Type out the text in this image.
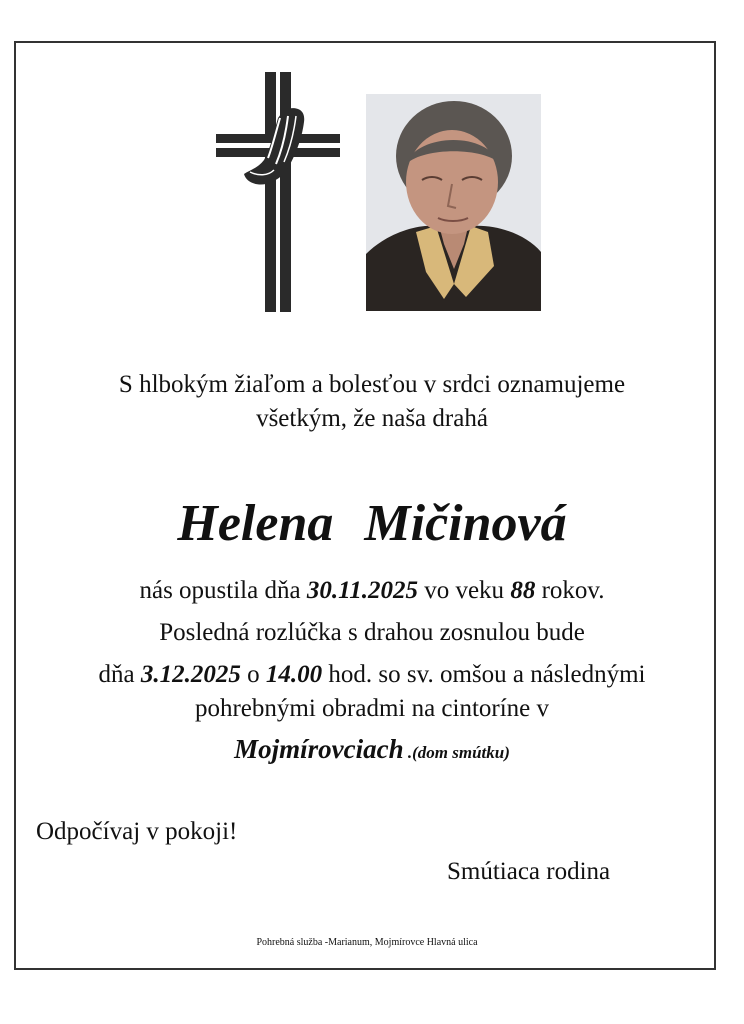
S hlbokým žiaľom a bolesťou v srdci oznamujeme
všetkým, že naša drahá
Helena Mičinová
nás opustila dňa 30.11.2025 vo veku 88 rokov.
Posledná rozlúčka s drahou zosnulou bude
dňa 3.12.2025 o 14.00 hod. so sv. omšou a následnými
pohrebnými obradmi na cintoríne v
Mojmírovciach .(dom smútku)
Odpočívaj v pokoji!
Smútiaca rodina
Pohrebná služba -Marianum, Mojmírovce Hlavná ulica
